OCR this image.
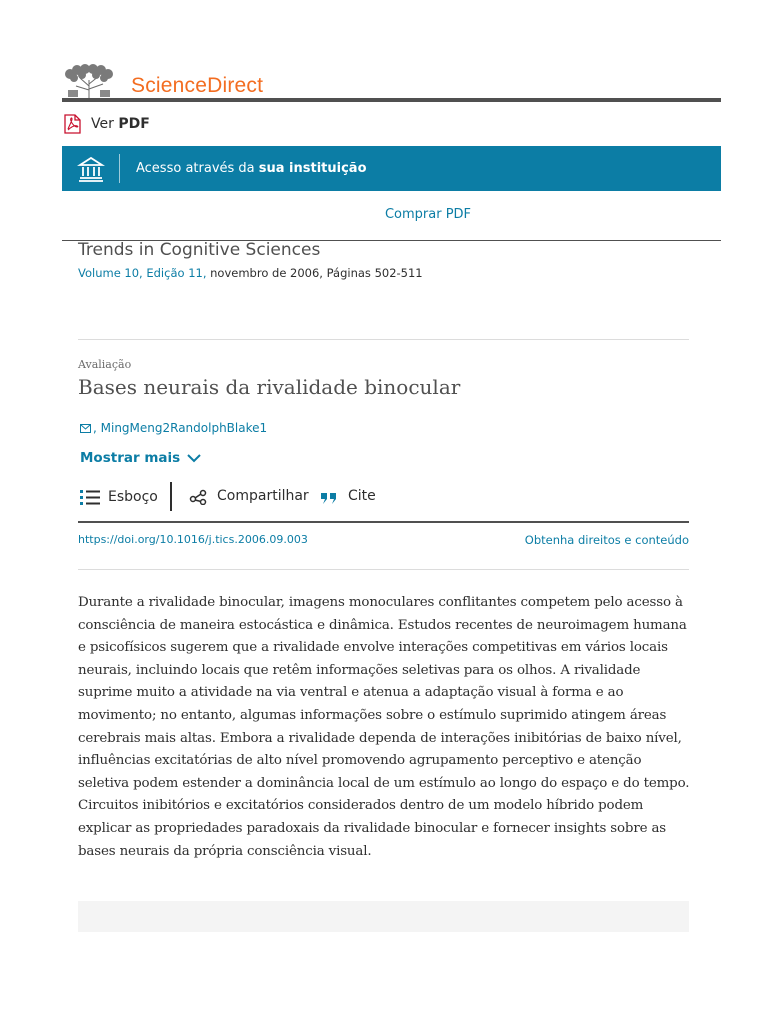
ScienceDirect
Ver PDF
Acesso através da sua instituição
Comprar PDF
Trends in Cognitive Sciences
Volume 10, Edição 11, novembro de 2006, Páginas 502-511
Avaliação
Bases neurais da rivalidade binocular
, MingMeng2RandolphBlake1
Mostrar mais
Esboço	Compartilhar	Cite
https://doi.org/10.1016/j.tics.2006.09.003	Obtenha direitos e conteúdo

Durante a rivalidade binocular, imagens monoculares conflitantes competem pelo acesso à consciência de maneira estocástica e dinâmica. Estudos recentes de neuroimagem humana e psicofísicos sugerem que a rivalidade envolve interações competitivas em vários locais neurais, incluindo locais que retêm informações seletivas para os olhos. A rivalidade suprime muito a atividade na via ventral e atenua a adaptação visual à forma e ao movimento; no entanto, algumas informações sobre o estímulo suprimido atingem áreas cerebrais mais altas. Embora a rivalidade dependa de interações inibitórias de baixo nível, influências excitatórias de alto nível promovendo agrupamento perceptivo e atenção seletiva podem estender a dominância local de um estímulo ao longo do espaço e do tempo. Circuitos inibitórios e excitatórios considerados dentro de um modelo híbrido podem explicar as propriedades paradoxais da rivalidade binocular e fornecer insights sobre as bases neurais da própria consciência visual.
